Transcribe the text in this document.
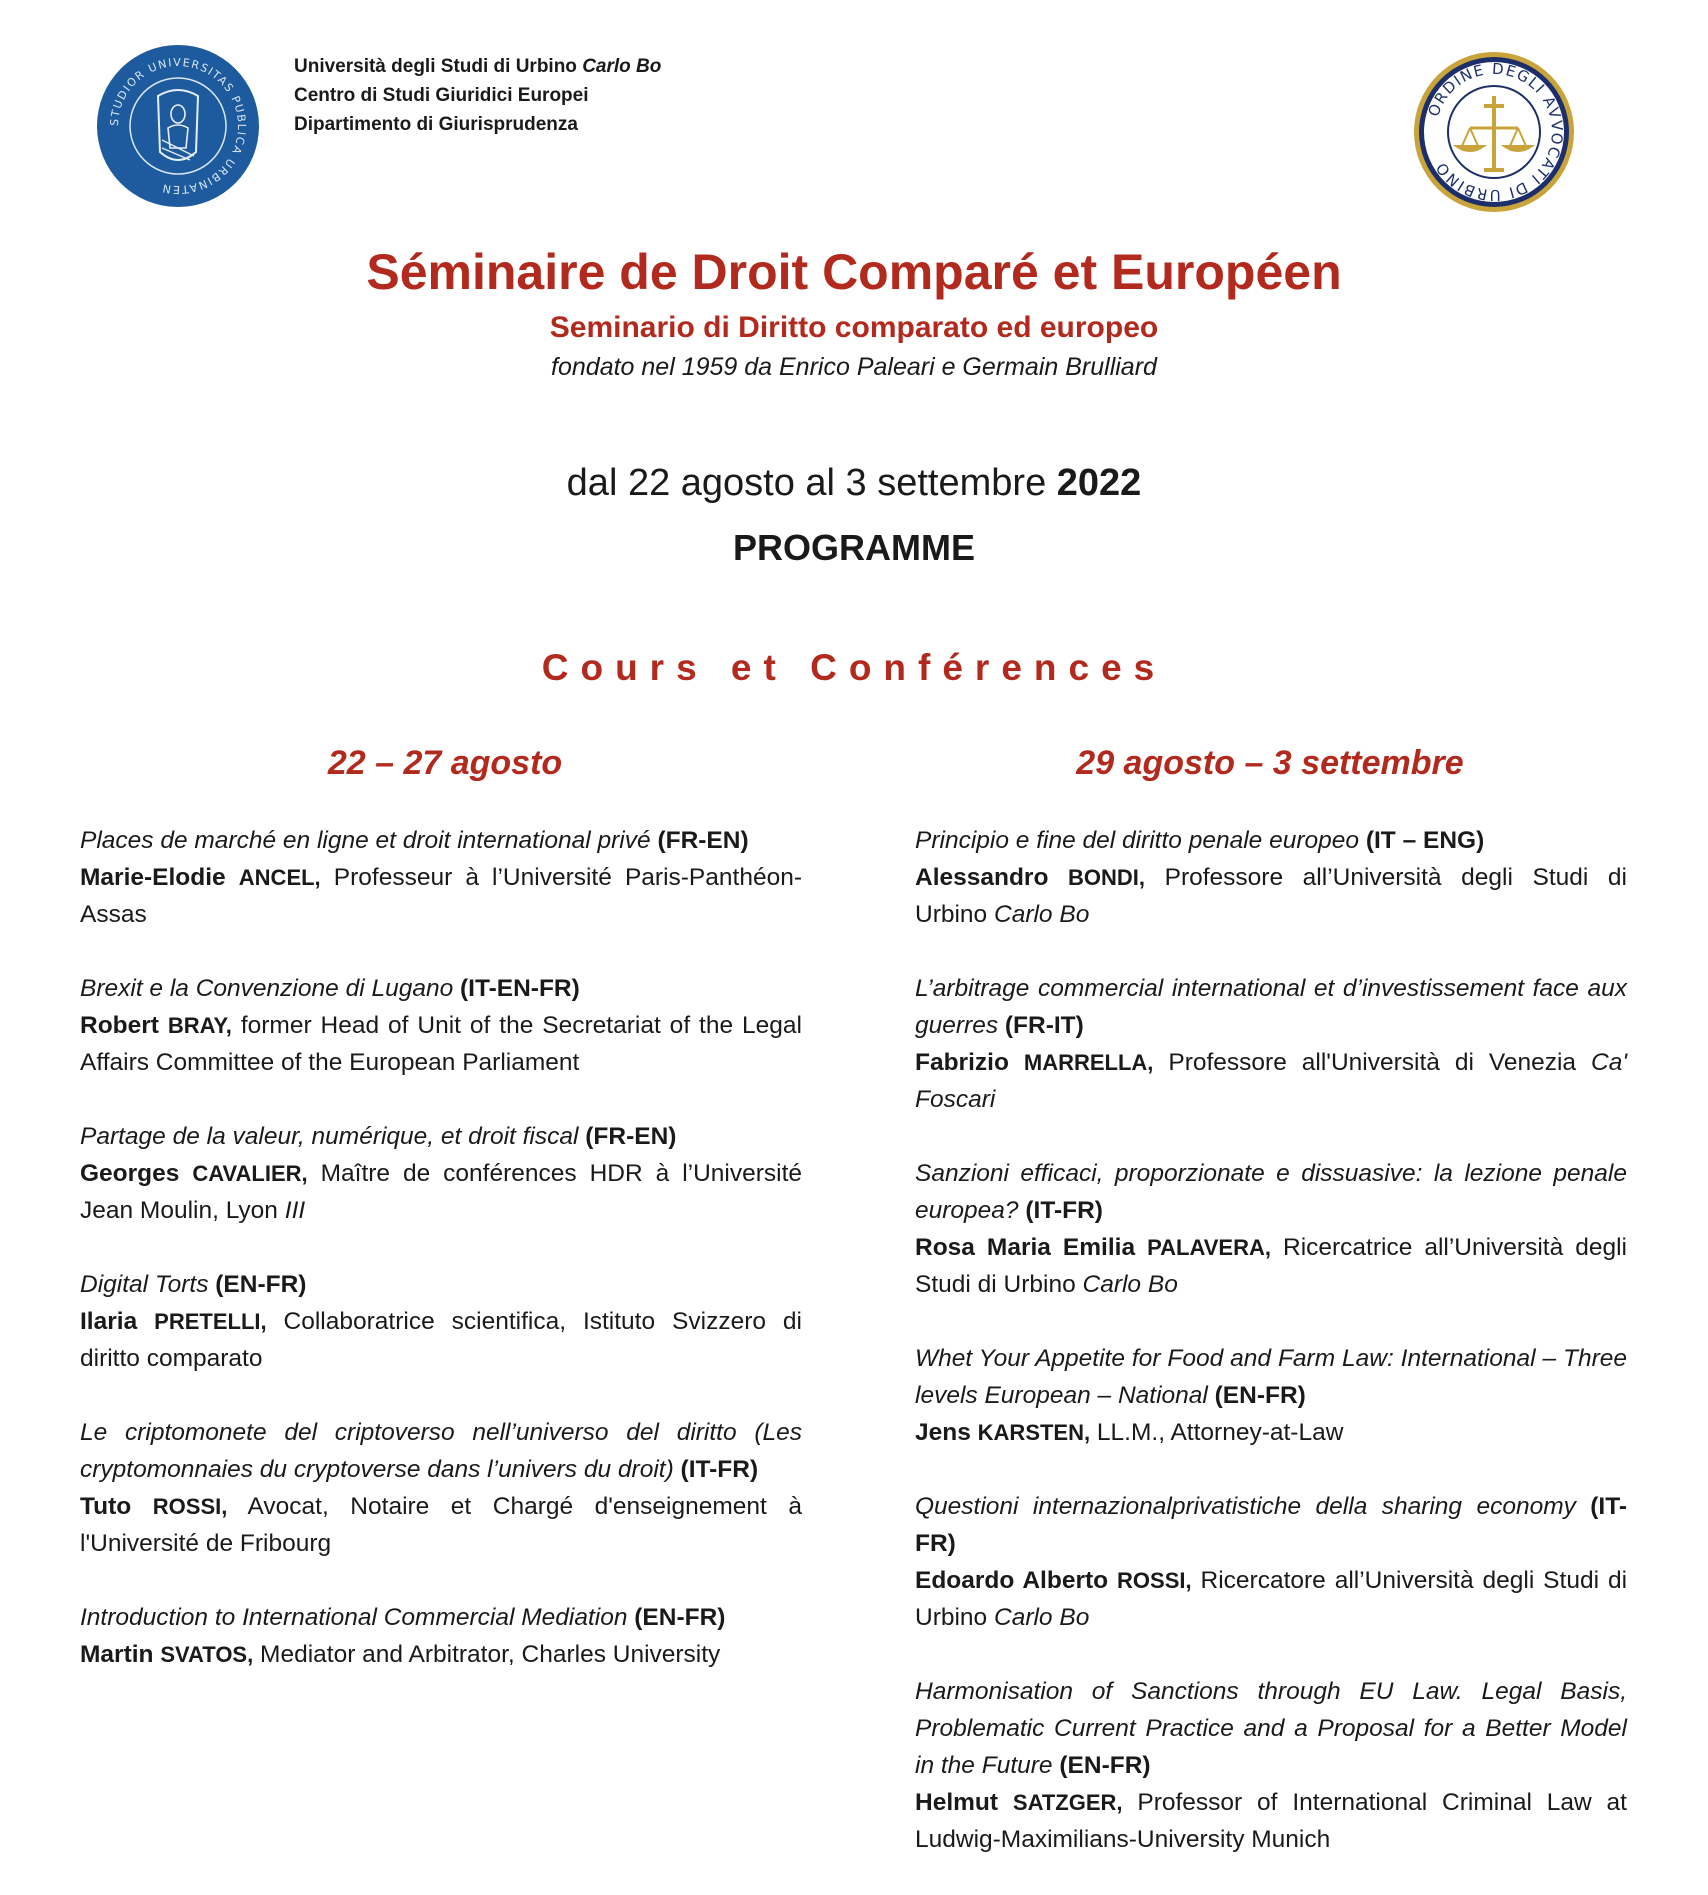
STUDIOR UNIVERSITAS PUBLICA URBINATEN
Università degli Studi di Urbino Carlo Bo
Centro di Studi Giuridici Europei
Dipartimento di Giurisprudenza
ORDINE DEGLI AVVOCATI DI URBINO
Séminaire de Droit Comparé et Européen
Seminario di Diritto comparato ed europeo
fondato nel 1959 da Enrico Paleari e Germain Brulliard
dal 22 agosto al 3 settembre 2022
PROGRAMME
Cours et Conférences
22 – 27 agosto	29 agosto – 3 settembre
Places de marché en ligne et droit international privé (FR-EN)
Marie-Elodie ANCEL, Professeur à l’Université Paris-Panthéon-Assas
Brexit e la Convenzione di Lugano (IT-EN-FR)
Robert BRAY, former Head of Unit of the Secretariat of the Legal Affairs Committee of the European Parliament
Partage de la valeur, numérique, et droit fiscal (FR-EN)
Georges CAVALIER, Maître de conférences HDR à l’Université Jean Moulin, Lyon III
Digital Torts (EN-FR)
Ilaria PRETELLI, Collaboratrice scientifica, Istituto Svizzero di diritto comparato
Le criptomonete del criptoverso nell’universo del diritto (Les cryptomonnaies du cryptoverse dans l’univers du droit) (IT-FR)
Tuto ROSSI, Avocat, Notaire et Chargé d'enseignement à l'Université de Fribourg
Introduction to International Commercial Mediation (EN-FR)
Martin SVATOS, Mediator and Arbitrator, Charles University
Principio e fine del diritto penale europeo (IT – ENG)
Alessandro BONDI, Professore all’Università degli Studi di Urbino Carlo Bo
L’arbitrage commercial international et d’investissement face aux guerres (FR-IT)
Fabrizio MARRELLA, Professore all'Università di Venezia Ca' Foscari
Sanzioni efficaci, proporzionate e dissuasive: la lezione penale europea? (IT-FR)
Rosa Maria Emilia PALAVERA, Ricercatrice all’Università degli Studi di Urbino Carlo Bo
Whet Your Appetite for Food and Farm Law: International – Three levels European – National (EN-FR)
Jens KARSTEN, LL.M., Attorney-at-Law
Questioni internazionalprivatistiche della sharing economy (IT-FR)
Edoardo Alberto ROSSI, Ricercatore all’Università degli Studi di Urbino Carlo Bo
Harmonisation of Sanctions through EU Law. Legal Basis, Problematic Current Practice and a Proposal for a Better Model in the Future (EN-FR)
Helmut SATZGER, Professor of International Criminal Law at Ludwig-Maximilians-University Munich
